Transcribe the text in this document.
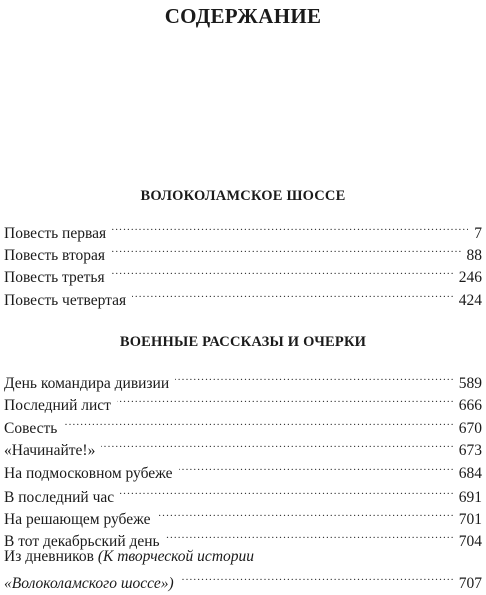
СОДЕРЖАНИЕ
ВОЛОКОЛАМСКОЕ ШОССЕ
Повесть первая . . .	7
Повесть вторая . . .	88
Повесть третья . . .	246
Повесть четвертая . . .	424
ВОЕННЫЕ РАССКАЗЫ И ОЧЕРКИ
День командира дивизии . . .	589
Последний лист . . .	666
Совесть . . .	670
«Начинайте!» . . .	673
На подмосковном рубеже . . .	684
В последний час . . .	691
На решающем рубеже . . .	701
В тот декабрьский день . . .	704
Из дневников (К творческой истории
«Волоколамского шоссе») . . .	707
